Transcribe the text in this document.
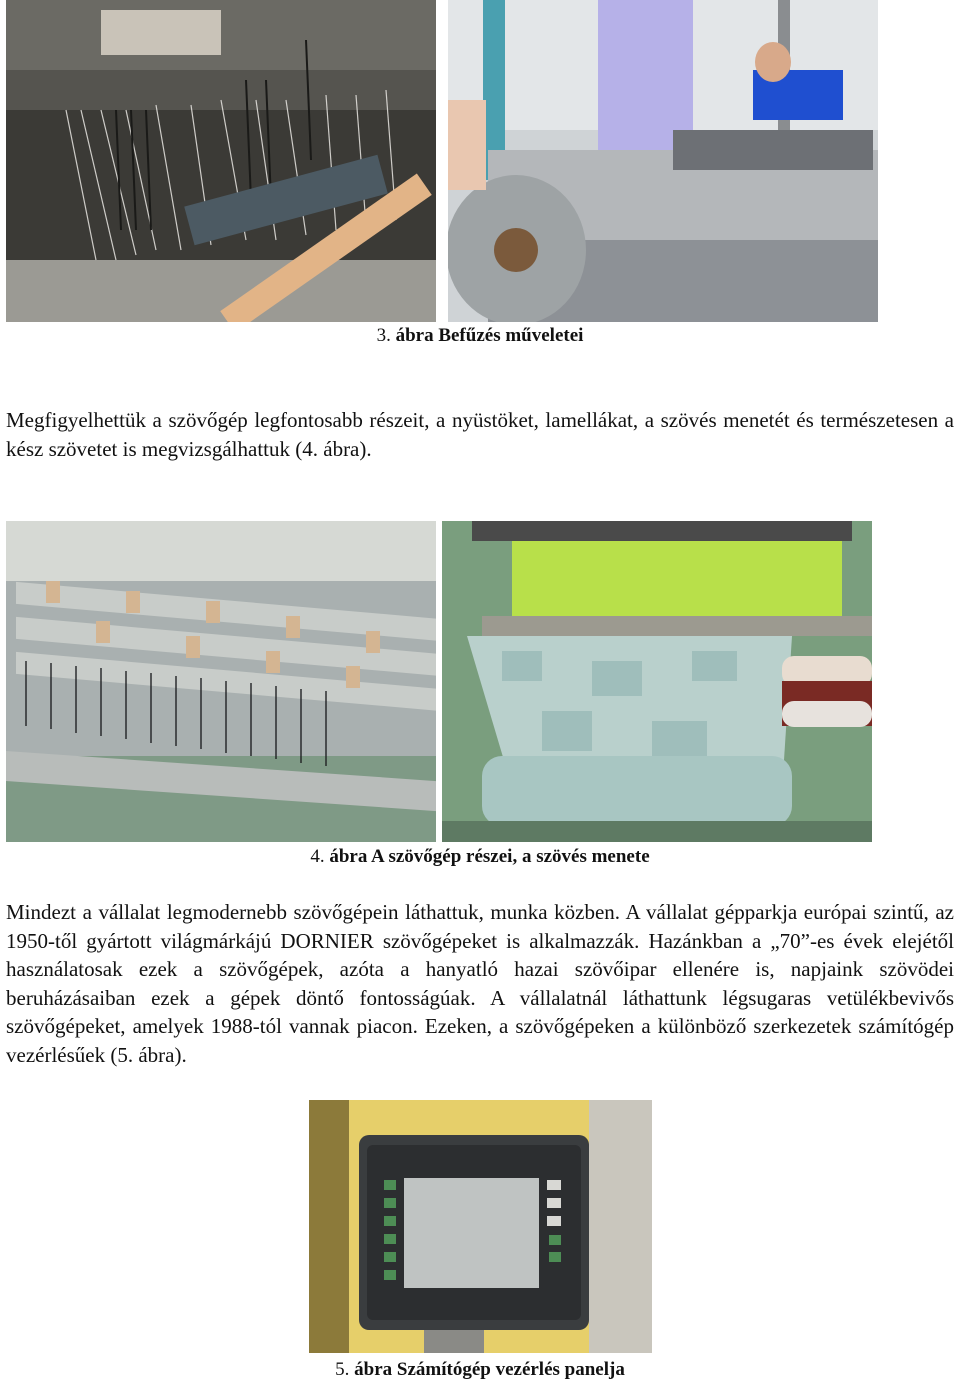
3. ábra Befűzés műveletei

Megfigyelhettük a szövőgép legfontosabb részeit, a nyüstöket, lamellákat, a szövés menetét és természetesen a kész szövetet is megvizsgálhattuk (4. ábra).

4. ábra A szövőgép részei, a szövés menete

Mindezt a vállalat legmodernebb szövőgépein láthattuk, munka közben. A vállalat gépparkja európai szintű, az 1950-től gyártott világmárkájú DORNIER szövőgépeket is alkalmazzák. Hazánkban a „70”-es évek elejétől használatosak ezek a szövőgépek, azóta a hanyatló hazai szövőipar ellenére is, napjaink szövödei beruházásaiban ezek a gépek döntő fontosságúak. A vállalatnál láthattunk légsugaras vetülékbevivős szövőgépeket, amelyek 1988-tól vannak piacon. Ezeken, a szövőgépeken a különböző szerkezetek számítógép vezérlésűek (5. ábra).

5. ábra Számítógép vezérlés panelja
